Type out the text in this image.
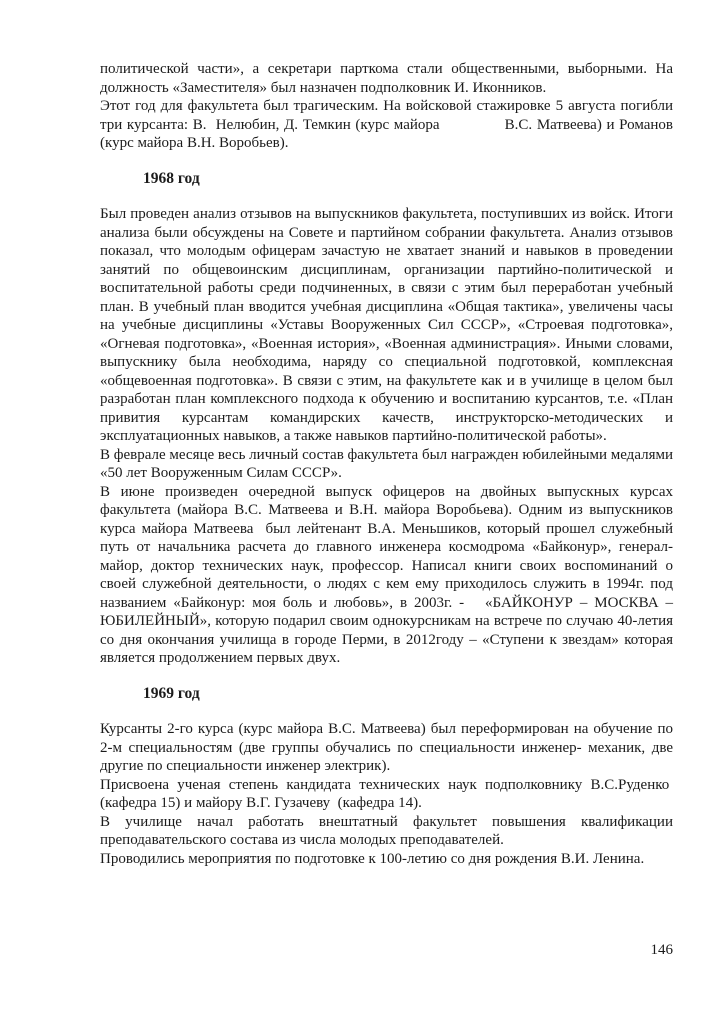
политической части», а секретари парткома стали общественными, выборными. На должность «Заместителя» был назначен подполковник И. Иконников.

Этот год для факультета был трагическим. На войсковой стажировке 5 августа погибли три курсанта: В.  Нелюбин, Д. Темкин (курс майора              В.С. Матвеева) и Романов (курс майора В.Н. Воробьев).

1968 год

Был проведен анализ отзывов на выпускников факультета, поступивших из войск. Итоги анализа были обсуждены на Совете и партийном собрании факультета. Анализ отзывов показал, что молодым офицерам зачастую не хватает знаний и навыков в проведении занятий по общевоинским дисциплинам, организации партийно-политической и воспитательной работы среди подчиненных, в связи с этим был переработан учебный план. В учебный план вводится учебная дисциплина «Общая тактика», увеличены часы на учебные дисциплины «Уставы Вооруженных Сил СССР», «Строевая подготовка», «Огневая подготовка», «Военная история», «Военная администрация». Иными словами, выпускнику была необходима, наряду со специальной подготовкой, комплексная «общевоенная подготовка». В связи с этим, на факультете как и в училище в целом был разработан план комплексного подхода к обучению и воспитанию курсантов, т.е. «План привития курсантам командирских качеств, инструкторско-методических и эксплуатационных навыков, а также навыков партийно-политической работы».

В феврале месяце весь личный состав факультета был награжден юбилейными медалями «50 лет Вооруженным Силам СССР».

В июне произведен очередной выпуск офицеров на двойных выпускных курсах факультета (майора В.С. Матвеева и В.Н. майора Воробьева). Одним из выпускников курса майора Матвеева  был лейтенант В.А. Меньшиков, который прошел служебный путь от начальника расчета до главного инженера космодрома «Байконур», генерал-майор, доктор технических наук, профессор. Написал книги своих воспоминаний о своей служебной деятельности, о людях с кем ему приходилось служить в 1994г. под названием «Байконур: моя боль и любовь», в 2003г. -   «БАЙКОНУР – МОСКВА – ЮБИЛЕЙНЫЙ», которую подарил своим однокурсникам на встрече по случаю 40-летия со дня окончания училища в городе Перми, в 2012году – «Ступени к звездам» которая является продолжением первых двух.

1969 год

Курсанты 2-го курса (курс майора В.С. Матвеева) был переформирован на обучение по 2-м специальностям (две группы обучались по специальности инженер- механик, две другие по специальности инженер электрик).

Присвоена ученая степень кандидата технических наук подполковнику В.С.Руденко  (кафедра 15) и майору В.Г. Гузачеву  (кафедра 14).

В училище начал работать внештатный факультет повышения квалификации преподавательского состава из числа молодых преподавателей.

Проводились мероприятия по подготовке к 100-летию со дня рождения В.И. Ленина.

146
